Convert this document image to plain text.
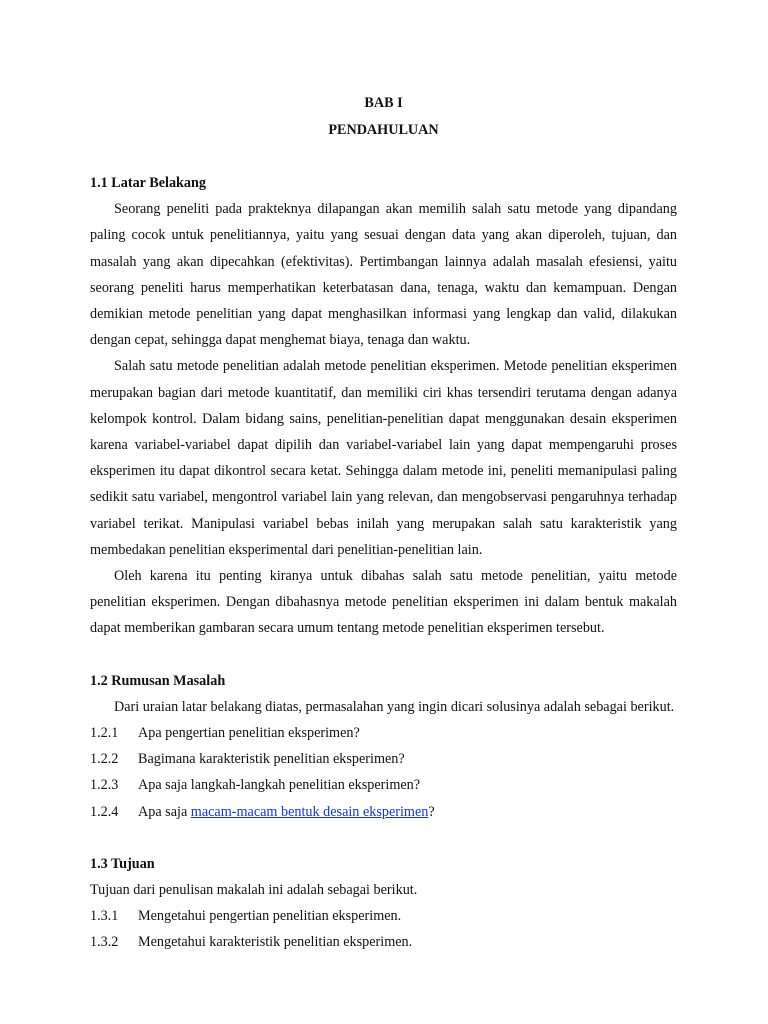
BAB I

PENDAHULUAN

1.1 Latar Belakang

Seorang peneliti pada prakteknya dilapangan akan memilih salah satu metode yang dipandang paling cocok untuk penelitiannya, yaitu yang sesuai dengan data yang akan diperoleh, tujuan, dan masalah yang akan dipecahkan (efektivitas). Pertimbangan lainnya adalah masalah efesiensi, yaitu seorang peneliti harus memperhatikan keterbatasan dana, tenaga, waktu dan kemampuan. Dengan demikian metode penelitian yang dapat menghasilkan informasi yang lengkap dan valid, dilakukan dengan cepat, sehingga dapat menghemat biaya, tenaga dan waktu.

Salah satu metode penelitian adalah metode penelitian eksperimen. Metode penelitian eksperimen merupakan bagian dari metode kuantitatif, dan memiliki ciri khas tersendiri terutama dengan adanya kelompok kontrol. Dalam bidang sains, penelitian-penelitian dapat menggunakan desain eksperimen karena variabel-variabel dapat dipilih dan variabel-variabel lain yang dapat mempengaruhi proses eksperimen itu dapat dikontrol secara ketat. Sehingga dalam metode ini, peneliti memanipulasi paling sedikit satu variabel, mengontrol variabel lain yang relevan, dan mengobservasi pengaruhnya terhadap variabel terikat. Manipulasi variabel bebas inilah yang merupakan salah satu karakteristik yang membedakan penelitian eksperimental dari penelitian-penelitian lain.

Oleh karena itu penting kiranya untuk dibahas salah satu metode penelitian, yaitu metode penelitian eksperimen. Dengan dibahasnya metode penelitian eksperimen ini dalam bentuk makalah dapat memberikan gambaran secara umum tentang metode penelitian eksperimen tersebut.

1.2 Rumusan Masalah

Dari uraian latar belakang diatas, permasalahan yang ingin dicari solusinya adalah sebagai berikut.

1.2.1	Apa pengertian penelitian eksperimen?
1.2.2	Bagimana karakteristik penelitian eksperimen?
1.2.3	Apa saja langkah-langkah penelitian eksperimen?
1.2.4	Apa saja macam-macam bentuk desain eksperimen?

1.3 Tujuan

Tujuan dari penulisan makalah ini adalah sebagai berikut.

1.3.1	Mengetahui pengertian penelitian eksperimen.
1.3.2	Mengetahui karakteristik penelitian eksperimen.
